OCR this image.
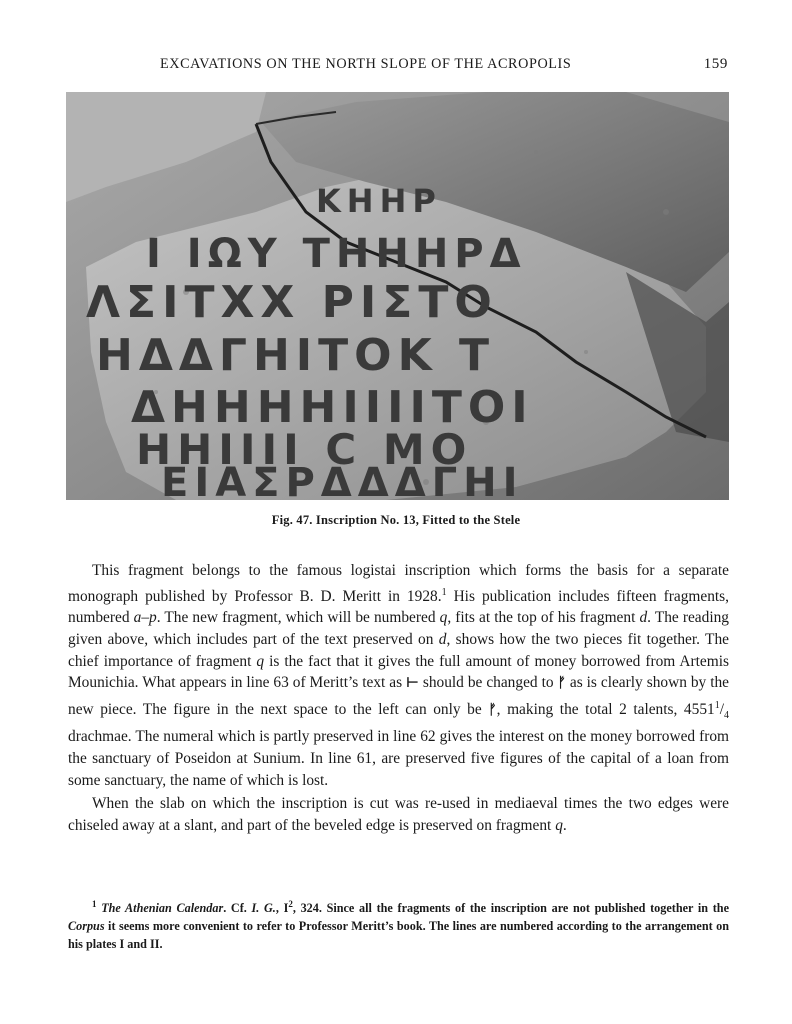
EXCAVATIONS ON THE NORTH SLOPE OF THE ACROPOLIS	159
ΚΗΗΡ
Ι ΙΩΥ ΤΗΗΗΡΔ
ΛΣΙΤΧΧ ΡΙΣΤΟ
ΗΔΔΓΗΙΤΟΚ Τ
ΔΗΗΗΗΙΙΙΙΤΟΙ
ΗΗΙΙΙΙ C ΜΟ
ΕΙΑΣΡΔΔΔΓΗΙ
Fig. 47. Inscription No. 13, Fitted to the Stele

This fragment belongs to the famous logistai inscription which forms the basis for a separate monograph published by Professor B. D. Meritt in 1928.$^1$ His publication includes fifteen fragments, numbered a–p. The new fragment, which will be numbered q, fits at the top of his fragment d. The reading given above, which includes part of the text preserved on d, shows how the two pieces fit together. The chief importance of fragment q is the fact that it gives the full amount of money borrowed from Artemis Mounichia. What appears in line 63 of Meritt’s text as ⊢ should be changed to ᚠ as is clearly shown by the new piece. The figure in the next space to the left can only be ᚠ, making the total 2 talents, $4551^1/_4$ drachmae. The numeral which is partly preserved in line 62 gives the interest on the money borrowed from the sanctuary of Poseidon at Sunium. In line 61, are preserved five figures of the capital of a loan from some sanctuary, the name of which is lost.

When the slab on which the inscription is cut was re-used in mediaeval times the two edges were chiseled away at a slant, and part of the beveled edge is preserved on fragment q.

$^1$ The Athenian Calendar. Cf. I. G., $I^2$, 324. Since all the fragments of the inscription are not published together in the Corpus it seems more convenient to refer to Professor Meritt’s book. The lines are numbered according to the arrangement on his plates I and II.
